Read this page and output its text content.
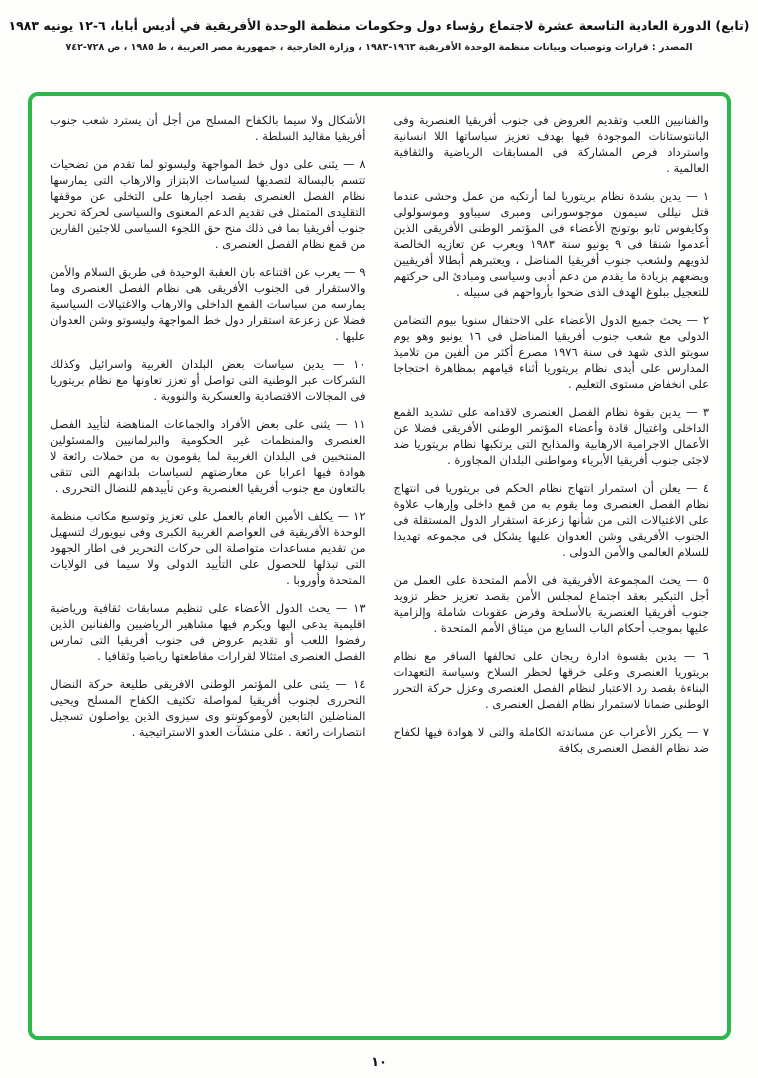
(تابع) الدورة العادية التاسعة عشرة لاجتماع رؤساء دول وحكومات منظمة الوحدة الأفريقية في أديس أبابا، ٦-١٢ يونيه ١٩٨٣
المصدر : قرارات وتوصيات وبيانات منظمة الوحدة الأفريقية ١٩٦٣-١٩٨٣ ، وزارة الخارجية ، جمهورية مصر العربية ، ط ١٩٨٥ ، ص ٧٢٨-٧٤٢

والفنانيين اللعب وتقديم العروض فى جنوب أفريقيا العنصرية وفى البانتوستانات الموجودة فيها بهدف تعزيز سياساتها اللا انسانية واسترداد فرص المشاركة فى المسابقات الرياضية والثقافية العالمية .

١ — يدين بشدة نظام بريتوريا لما أرتكبه من عمل وحشى عندما قتل نيللى سيمون موجوسورانى ومبرى سيباوو وموسولولى وكايفوس ثابو بوتونج الأعضاء فى المؤتمر الوطنى الأفريقى الذين أعدموا شنقا فى ٩ يونيو سنة ١٩٨٣ ويعرب عن تعازيه الخالصة لذويهم ولشعب جنوب أفريقيا المناضل ، ويعتبرهم أبطالا أفريقيين ويضعهم بزيادة ما يقدم من دعم أدبى وسياسى ومبادئ الى حركتهم للتعجيل ببلوغ الهدف الذى ضحوا بأرواحهم فى سبيله .

٢ — يحث جميع الدول الأعضاء على الاحتفال سنويا بيوم التضامن الدولى مع شعب جنوب أفريقيا المناضل فى ١٦ يونيو وهو يوم سويتو الذى شهد فى سنة ١٩٧٦ مصرع أكثر من ألفين من تلاميذ المدارس على أيدى نظام بريتوريا أثناء قيامهم بمظاهرة احتجاجا على انخفاض مستوى التعليم .

٣ — يدين بقوة نظام الفصل العنصرى لاقدامه على تشديد القمع الداخلى واغتيال قادة وأعضاء المؤتمر الوطنى الأفريقى فضلا عن الأعمال الاجرامية الارهابية والمذابح التى يرتكبها نظام بريتوريا ضد لاجئى جنوب أفريقيا الأبرياء ومواطنى البلدان المجاورة .

٤ — يعلن أن استمرار انتهاج نظام الحكم فى بريتوريا فى انتهاج نظام الفصل العنصرى وما يقوم به من قمع داخلى وإرهاب علاوة على الاغتيالات التى من شأنها زعزعة استقرار الدول المستقلة فى الجنوب الأفريقى وشن العدوان عليها يشكل فى مجموعه تهديدا للسلام العالمى والأمن الدولى .

٥ — يحث المجموعة الأفريقية فى الأمم المتحدة على العمل من أجل التبكير بعقد اجتماع لمجلس الأمن بقصد تعزيز حظر تزويد جنوب أفريقيا العنصرية بالأسلحة وفرض عقوبات شاملة وإلزامية عليها بموجب أحكام الباب السابع من ميثاق الأمم المتحدة .

٦ — يدين بقسوة ادارة ريجان على تحالفها السافر مع نظام بريتوريا العنصرى وعلى خرقها لحظر السلاح وسياسة التعهدات البناءة بقصد رد الاعتبار لنظام الفصل العنصرى وعزل حركة التحرر الوطنى ضمانا لاستمرار نظام الفصل العنصرى .

٧ — يكرر الأعراب عن مساندته الكاملة والتى لا هوادة فيها لكفاح ضد نظام الفصل العنصرى بكافة

الأشكال ولا سيما بالكفاح المسلح من أجل أن يسترد شعب جنوب أفريقيا مقاليد السلطة .

٨ — يثنى على دول خط المواجهة وليسوتو لما تقدم من تضحيات تتسم بالبسالة لتصديها لسياسات الابتزاز والارهاب التى يمارسها نظام الفصل العنصرى بقصد اجبارها على التخلى عن موقفها التقليدى المتمثل فى تقديم الدعم المعنوى والسياسى لحركة تحرير جنوب أفريقيا بما فى ذلك منح حق اللجوء السياسى للاجئين الفارين من قمع نظام الفصل العنصرى .

٩ — يعرب عن اقتناعه بان العقبة الوحيدة فى طريق السلام والأمن والاستقرار فى الجنوب الأفريقى هى نظام الفصل العنصرى وما يمارسه من سياسات القمع الداخلى والارهاب والاغتيالات السياسية فضلا عن زعزعة استقرار دول خط المواجهة وليسوتو وشن العدوان عليها .

١٠ — يدين سياسات بعض البلدان الغربية واسرائيل وكذلك الشركات عبر الوطنية التى تواصل أو تعزز تعاونها مع نظام بريتوريا فى المجالات الاقتصادية والعسكرية والنووية .

١١ — يثنى على بعض الأفراد والجماعات المناهضة لتأييد الفصل العنصرى والمنظمات غير الحكومية والبرلمانيين والمسئولين المنتخبين فى البلدان الغربية لما يقومون به من حملات رائعة لا هوادة فيها اعرابا عن معارضتهم لسياسات بلدانهم التى تتقى بالتعاون مع جنوب أفريقيا العنصرية وعن تأييدهم للنضال التحررى .

١٢ — يكلف الأمين العام بالعمل على تعزيز وتوسيع مكاتب منظمة الوحدة الأفريقية فى العواصم الغربية الكبرى وفى نيويورك لتسهيل من تقديم مساعدات متواصلة الى حركات التحرير فى اطار الجهود التى تبذلها للحصول على التأييد الدولى ولا سيما فى الولايات المتحدة وأوروبا .

١٣ — يحث الدول الأعضاء على تنظيم مسابقات ثقافية ورياضية اقليمية يدعى اليها ويكرم فيها مشاهير الرياضيين والفنانين الذين رفضوا اللعب أو تقديم عروض فى جنوب أفريقيا التى تمارس الفصل العنصرى امتثالا لقرارات مقاطعتها رياضيا وثقافيا .

١٤ — يثنى على المؤتمر الوطنى الافريقى طليعة حركة النضال التحررى لجنوب أفريقيا لمواصلة تكثيف الكفاح المسلح ويحيى المناضلين التابعين لأوموكونتو وى سيزوى الذين يواصلون تسجيل انتصارات رائعة . على منشآت العدو الاستراتيجية .

١٠
